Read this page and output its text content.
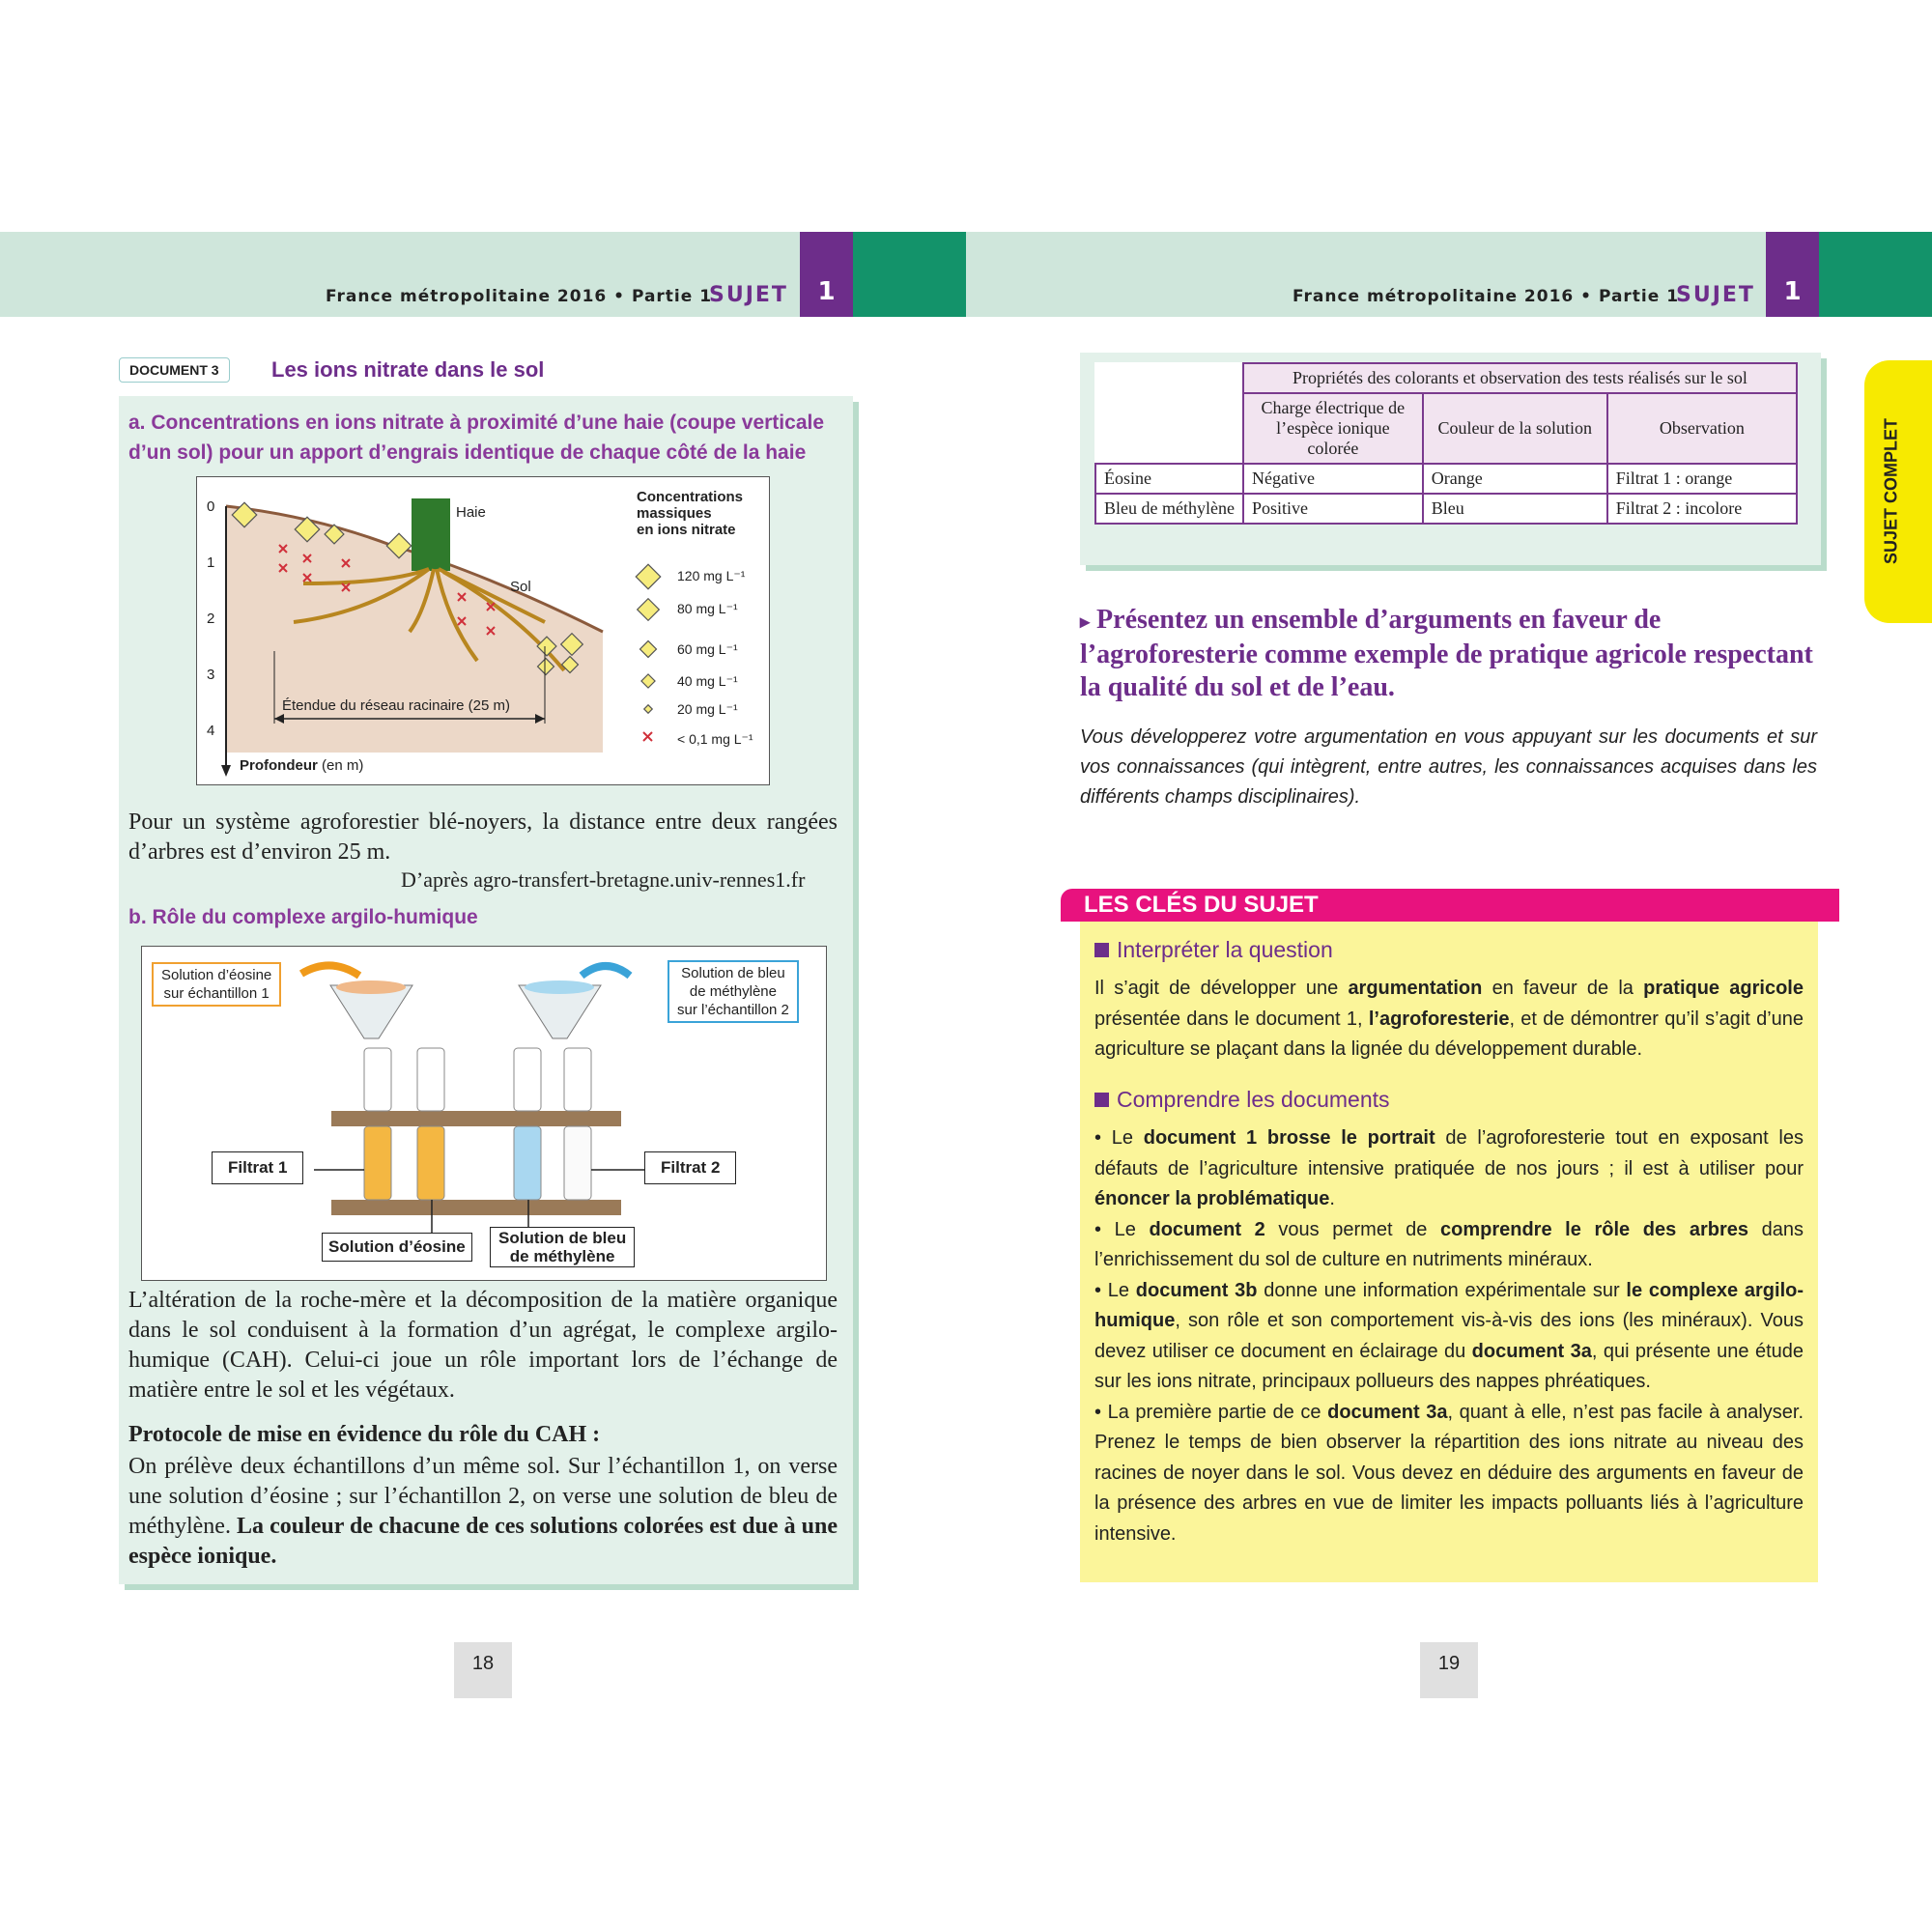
France métropolitaine 2016 • Partie 1
SUJET	1	France métropolitaine 2016 • Partie 1
SUJET	1
SUJET COMPLET
DOCUMENT 3	Les ions nitrate dans le sol
a. Concentrations en ions nitrate à proximité d’une haie (coupe verticale d’un sol) pour un apport d’engrais identique de chaque côté de la haie
0
1
2
3
4
Haie
Sol
Étendue du réseau racinaire (25 m)
Profondeur (en m)
Concentrations
massiques
en ions nitrate
120 mg L⁻¹
80 mg L⁻¹
60 mg L⁻¹
40 mg L⁻¹
20 mg L⁻¹
< 0,1 mg L⁻¹
Pour un système agroforestier blé-noyers, la distance entre deux rangées d’arbres est d’environ 25 m.
D’après agro-transfert-bretagne.univ-rennes1.fr
b. Rôle du complexe argilo-humique
Solution d’éosine
sur échantillon 1
Solution de bleu
de méthylène
sur l’échantillon 2
Filtrat 1	Filtrat 2
Solution d’éosine	Solution de bleu
de méthylène
L’altération de la roche-mère et la décomposition de la matière organique dans le sol conduisent à la formation d’un agrégat, le complexe argilo-humique (CAH). Celui-ci joue un rôle important lors de l’échange de matière entre le sol et les végétaux.
Protocole de mise en évidence du rôle du CAH :
On prélève deux échantillons d’un même sol. Sur l’échantillon 1, on verse une solution d’éosine ; sur l’échantillon 2, on verse une solution de bleu de méthylène. La couleur de chacune de ces solutions colorées est due à une espèce ionique.
18
	Propriétés des colorants et observation des tests réalisés sur le sol		
	Charge électrique de l’espèce ionique colorée	Couleur de la solution	Observation
Éosine	Négative	Orange	Filtrat 1 : orange
Bleu de méthylène	Positive	Bleu	Filtrat 2 : incolore
▸ Présentez un ensemble d’arguments en faveur de l’agroforesterie comme exemple de pratique agricole respectant la qualité du sol et de l’eau.
Vous développerez votre argumentation en vous appuyant sur les documents et sur vos connaissances (qui intègrent, entre autres, les connaissances acquises dans les différents champs disciplinaires).
LES CLÉS DU SUJET
Interpréter la question
Il s’agit de développer une argumentation en faveur de la pratique agricole présentée dans le document 1, l’agroforesterie, et de démontrer qu’il s’agit d’une agriculture se plaçant dans la lignée du développement durable.
Comprendre les documents
• Le document 1 brosse le portrait de l’agroforesterie tout en exposant les défauts de l’agriculture intensive pratiquée de nos jours ; il est à utiliser pour énoncer la problématique.
• Le document 2 vous permet de comprendre le rôle des arbres dans l’enrichissement du sol de culture en nutriments minéraux.
• Le document 3b donne une information expérimentale sur le complexe argilo-humique, son rôle et son comportement vis-à-vis des ions (les minéraux). Vous devez utiliser ce document en éclairage du document 3a, qui présente une étude sur les ions nitrate, principaux pollueurs des nappes phréatiques.
• La première partie de ce document 3a, quant à elle, n’est pas facile à analyser. Prenez le temps de bien observer la répartition des ions nitrate au niveau des racines de noyer dans le sol. Vous devez en déduire des arguments en faveur de la présence des arbres en vue de limiter les impacts polluants liés à l’agriculture intensive.
19
